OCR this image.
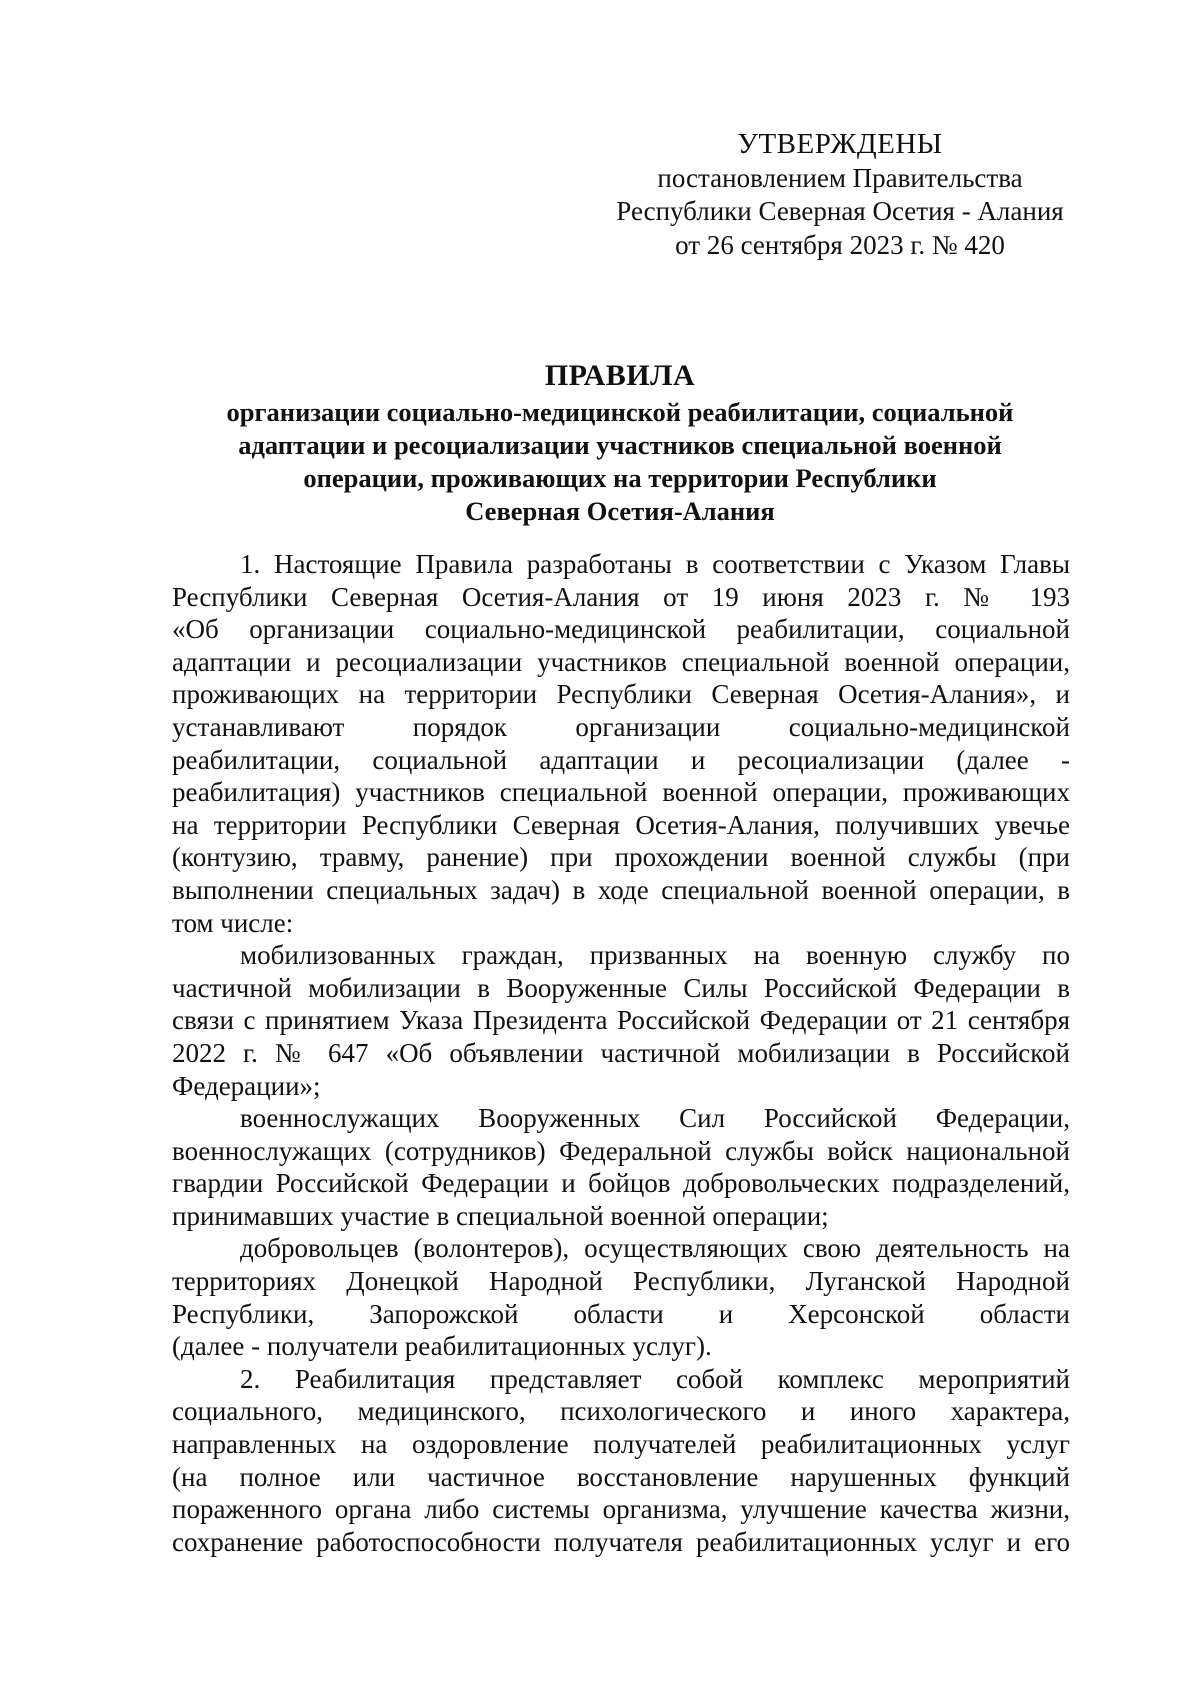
УТВЕРЖДЕНЫ
постановлением Правительства
Республики Северная Осетия - Алания
от 26 сентября 2023 г. № 420
ПРАВИЛА
организации социально-медицинской реабилитации, социальной
адаптации и ресоциализации участников специальной военной
операции, проживающих на территории Республики
Северная Осетия-Алания
1. Настоящие Правила разработаны в соответствии с Указом Главы
Республики Северная Осетия-Алания от 19 июня 2023 г. № 193
«Об организации социально-медицинской реабилитации, социальной
адаптации и ресоциализации участников специальной военной операции,
проживающих на территории Республики Северная Осетия-Алания», и
устанавливают порядок организации социально-медицинской
реабилитации, социальной адаптации и ресоциализации (далее -
реабилитация) участников специальной военной операции, проживающих
на территории Республики Северная Осетия-Алания, получивших увечье
(контузию, травму, ранение) при прохождении военной службы (при
выполнении специальных задач) в ходе специальной военной операции, в
том числе:
мобилизованных граждан, призванных на военную службу по
частичной мобилизации в Вооруженные Силы Российской Федерации в
связи с принятием Указа Президента Российской Федерации от 21 сентября
2022 г. № 647 «Об объявлении частичной мобилизации в Российской
Федерации»;
военнослужащих Вооруженных Сил Российской Федерации,
военнослужащих (сотрудников) Федеральной службы войск национальной
гвардии Российской Федерации и бойцов добровольческих подразделений,
принимавших участие в специальной военной операции;
добровольцев (волонтеров), осуществляющих свою деятельность на
территориях Донецкой Народной Республики, Луганской Народной
Республики, Запорожской области и Херсонской области
(далее - получатели реабилитационных услуг).
2. Реабилитация представляет собой комплекс мероприятий
социального, медицинского, психологического и иного характера,
направленных на оздоровление получателей реабилитационных услуг
(на полное или частичное восстановление нарушенных функций
пораженного органа либо системы организма, улучшение качества жизни,
сохранение работоспособности получателя реабилитационных услуг и его
